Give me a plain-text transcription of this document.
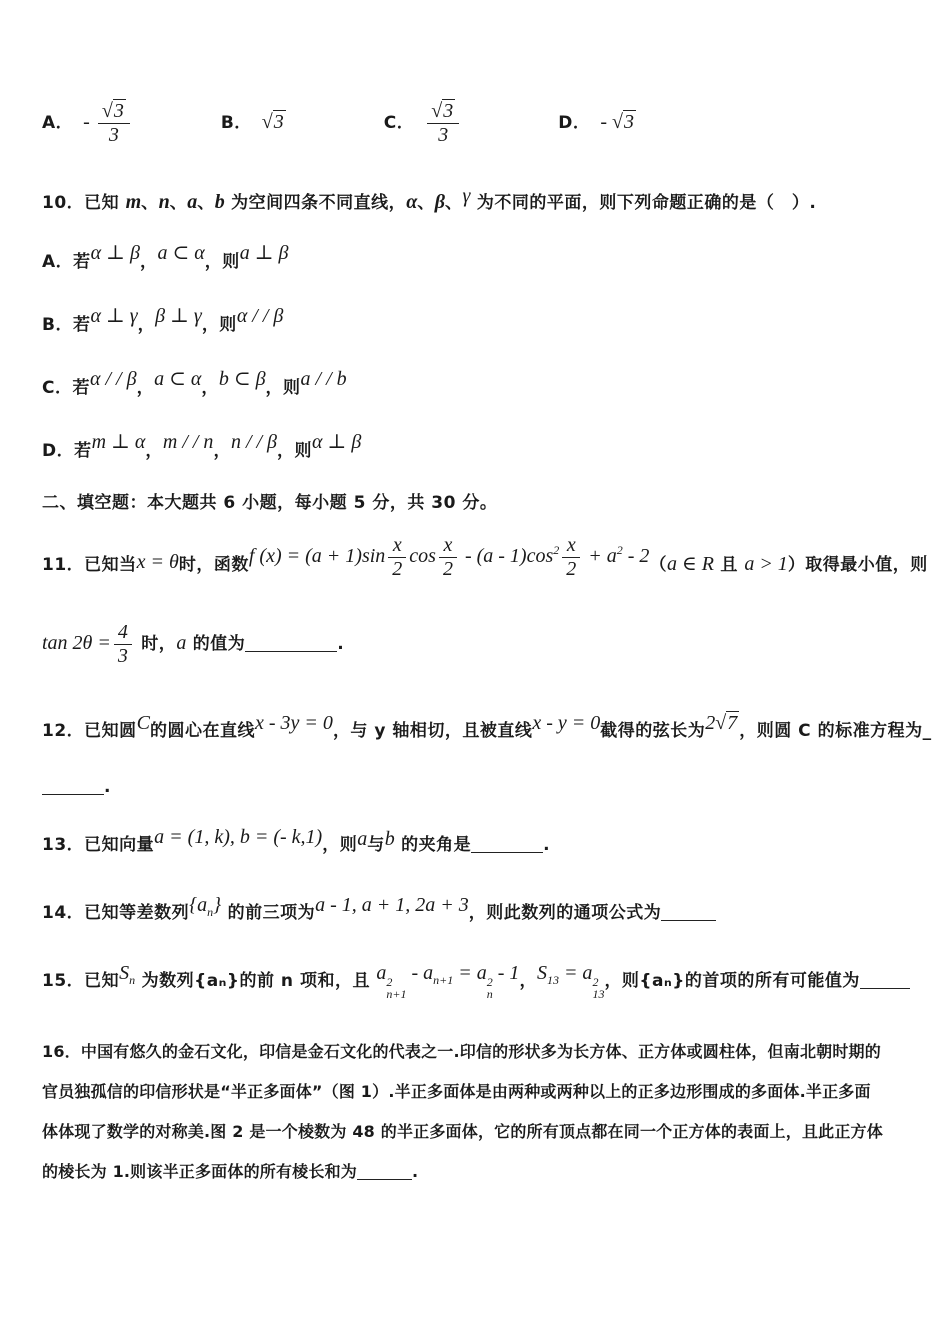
A． - $\frac{√3}{3}$	B． √3	C． $\frac{√3}{3}$	D． - √3
10．已知 m、n、a、b 为空间四条不同直线，α、β、γ 为不同的平面，则下列命题正确的是（　）.
A．若α ⊥ β，a ⊂ α，则a ⊥ β
B．若α ⊥ γ，β ⊥ γ，则α / / β
C．若α / / β，a ⊂ α，b ⊂ β，则a / / b
D．若m ⊥ α，m / / n，n / / β，则α ⊥ β
二、填空题：本大题共 6 小题，每小题 5 分，共 30 分。
11．已知当x = θ时，函数f $(x) = (a + 1)\sin \frac{x}{2}$ $\cos \frac{x}{2} - (a - 1)\cos^2 \frac{x}{2} + a^2 - 2(a$ ∈ R 且 a > 1）取得最小值，则
$\tan 2\theta = \frac{4}{3}$ 时，a 的值为	.
12．已知圆C的圆心在直线x - 3y = 0，与 y 轴相切，且被直线x - y = 0截得的弦长为2√7 ，则圆 C 的标准方程为_
.
13．已知向量a = (1, k), b = (- k,1)，则a与b 的夹角是	.
14．已知等差数列$\{a_n\}$ 的前三项为a - 1, a + 1, 2a + 3，则此数列的通项公式为
15．已知$S_n$ 为数列{aₙ}的前 n 项和，且 a 2
n+1
- $a_{n+1} = a$ 2
n
- 1，$S_{13} = a$ 2
13
，则{aₙ}的首项的所有可能值为
16．中国有悠久的金石文化，印信是金石文化的代表之一.印信的形状多为长方体、正方体或圆柱体，但南北朝时期的
官员独孤信的印信形状是“半正多面体”（图 1）.半正多面体是由两种或两种以上的正多边形围成的多面体.半正多面
体体现了数学的对称美.图 2 是一个棱数为 48 的半正多面体，它的所有顶点都在同一个正方体的表面上，且此正方体
的棱长为 1.则该半正多面体的所有棱长和为	.
